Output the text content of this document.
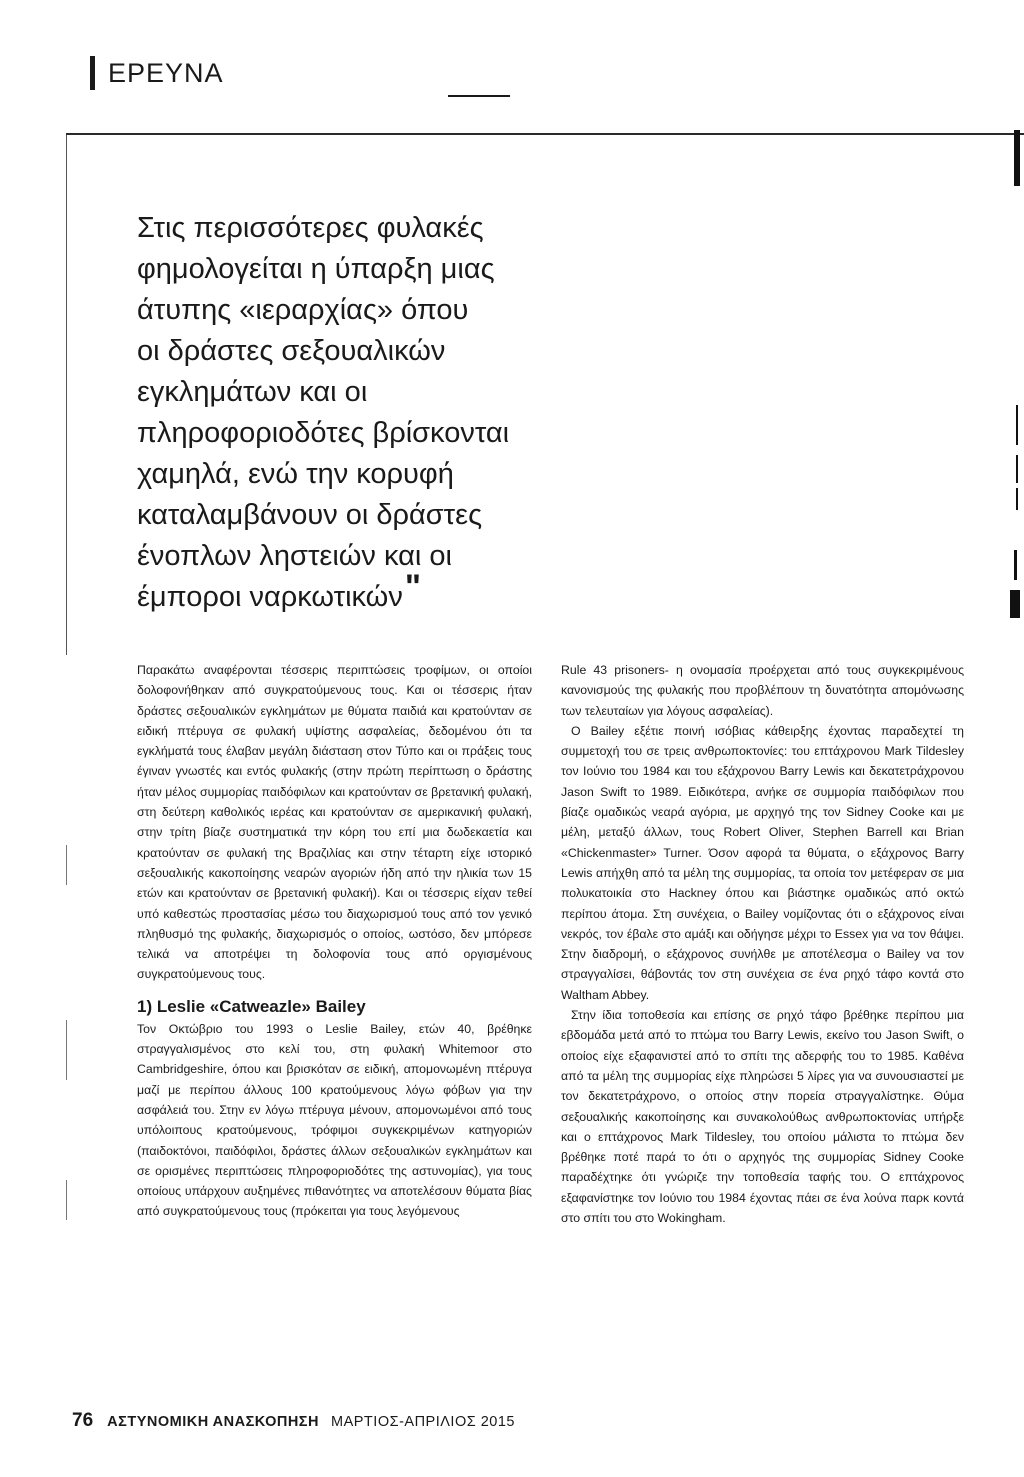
ΕΡΕΥΝΑ
Στις περισσότερες φυλακές
φημολογείται η ύπαρξη μιας
άτυπης «ιεραρχίας» όπου
οι δράστες σεξουαλικών
εγκλημάτων και οι
πληροφοριοδότες βρίσκονται
χαμηλά, ενώ την κορυφή
καταλαμβάνουν οι δράστες
ένοπλων ληστειών και οι
έμποροι ναρκωτικών"

Παρακάτω αναφέρονται τέσσερις περιπτώσεις τροφίμων, οι οποίοι δολοφονήθηκαν από συγκρατούμενους τους. Και οι τέσσερις ήταν δράστες σεξουαλικών εγκλημάτων με θύματα παιδιά και κρατούνταν σε ειδική πτέρυγα σε φυλακή υψίστης ασφαλείας, δεδομένου ότι τα εγκλήματά τους έλαβαν μεγάλη διάσταση στον Τύπο και οι πράξεις τους έγιναν γνωστές και εντός φυλακής (στην πρώτη περίπτωση ο δράστης ήταν μέλος συμμορίας παιδόφιλων και κρατούνταν σε βρετανική φυλακή, στη δεύτερη καθολικός ιερέας και κρατούνταν σε αμερικανική φυλακή, στην τρίτη βίαζε συστηματικά την κόρη του επί μια δωδεκαετία και κρατούνταν σε φυλακή της Βραζιλίας και στην τέταρτη είχε ιστορικό σεξουαλικής κακοποίησης νεαρών αγοριών ήδη από την ηλικία των 15 ετών και κρατούνταν σε βρετανική φυλακή). Και οι τέσσερις είχαν τεθεί υπό καθεστώς προστασίας μέσω του διαχωρισμού τους από τον γενικό πληθυσμό της φυλακής, διαχωρισμός ο οποίος, ωστόσο, δεν μπόρεσε τελικά να αποτρέψει τη δολοφονία τους από οργισμένους συγκρατούμενους τους.

1) Leslie «Catweazle» Bailey

Τον Οκτώβριο του 1993 ο Leslie Bailey, ετών 40, βρέθηκε στραγγαλισμένος στο κελί του, στη φυλακή Whitemoor στο Cambridgeshire, όπου και βρισκόταν σε ειδική, απομονωμένη πτέρυγα μαζί με περίπου άλλους 100 κρατούμενους λόγω φόβων για την ασφάλειά του. Στην εν λόγω πτέρυγα μένουν, απομονωμένοι από τους υπόλοιπους κρατούμενους, τρόφιμοι συγκεκριμένων κατηγοριών (παιδοκτόνοι, παιδόφιλοι, δράστες άλλων σεξουαλικών εγκλημάτων και σε ορισμένες περιπτώσεις πληροφοριοδότες της αστυνομίας), για τους οποίους υπάρχουν αυξημένες πιθανότητες να αποτελέσουν θύματα βίας από συγκρατούμενους τους (πρόκειται για τους λεγόμενους

Rule 43 prisoners- η ονομασία προέρχεται από τους συγκεκριμένους κανονισμούς της φυλακής που προβλέπουν τη δυνατότητα απομόνωσης των τελευταίων για λόγους ασφαλείας).

Ο Bailey εξέτιε ποινή ισόβιας κάθειρξης έχοντας παραδεχτεί τη συμμετοχή του σε τρεις ανθρωποκτονίες: του επτάχρονου Mark Tildesley τον Ιούνιο του 1984 και του εξάχρονου Barry Lewis και δεκατετράχρονου Jason Swift το 1989. Ειδικότερα, ανήκε σε συμμορία παιδόφιλων που βίαζε ομαδικώς νεαρά αγόρια, με αρχηγό της τον Sidney Cooke και με μέλη, μεταξύ άλλων, τους Robert Oliver, Stephen Barrell και Brian «Chickenmaster» Turner. Όσον αφορά τα θύματα, ο εξάχρονος Barry Lewis απήχθη από τα μέλη της συμμορίας, τα οποία τον μετέφεραν σε μια πολυκατοικία στο Hackney όπου και βιάστηκε ομαδικώς από οκτώ περίπου άτομα. Στη συνέχεια, ο Bailey νομίζοντας ότι ο εξάχρονος είναι νεκρός, τον έβαλε στο αμάξι και οδήγησε μέχρι το Essex για να τον θάψει. Στην διαδρομή, ο εξάχρονος συνήλθε με αποτέλεσμα ο Bailey να τον στραγγαλίσει, θάβοντάς τον στη συνέχεια σε ένα ρηχό τάφο κοντά στο Waltham Abbey.

Στην ίδια τοποθεσία και επίσης σε ρηχό τάφο βρέθηκε περίπου μια εβδομάδα μετά από το πτώμα του Barry Lewis, εκείνο του Jason Swift, ο οποίος είχε εξαφανιστεί από το σπίτι της αδερφής του το 1985. Καθένα από τα μέλη της συμμορίας είχε πληρώσει 5 λίρες για να συνουσιαστεί με τον δεκατετράχρονο, ο οποίος στην πορεία στραγγαλίστηκε. Θύμα σεξουαλικής κακοποίησης και συνακολούθως ανθρωποκτονίας υπήρξε και ο επτάχρονος Mark Tildesley, του οποίου μάλιστα το πτώμα δεν βρέθηκε ποτέ παρά το ότι ο αρχηγός της συμμορίας Sidney Cooke παραδέχτηκε ότι γνώριζε την τοποθεσία ταφής του. Ο επτάχρονος εξαφανίστηκε τον Ιούνιο του 1984 έχοντας πάει σε ένα λούνα παρκ κοντά στο σπίτι του στο Wokingham.

76 ΑΣΤΥΝΟΜΙΚΗ ΑΝΑΣΚΟΠΗΣΗ ΜΑΡΤΙΟΣ-ΑΠΡΙΛΙΟΣ 2015
